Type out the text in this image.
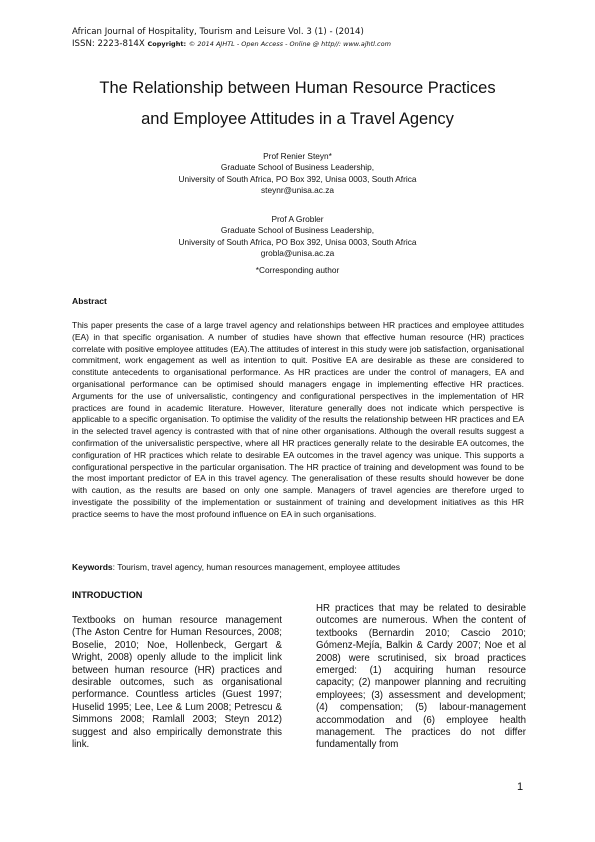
African Journal of Hospitality, Tourism and Leisure Vol. 3 (1) - (2014)
ISSN: 2223-814X Copyright: © 2014 AJHTL - Open Access - Online @ http//: www.ajhtl.com
The Relationship between Human Resource Practices
and Employee Attitudes in a Travel Agency
Prof Renier Steyn*
Graduate School of Business Leadership,
University of South Africa, PO Box 392, Unisa 0003, South Africa
steynr@unisa.ac.za
Prof A Grobler
Graduate School of Business Leadership,
University of South Africa, PO Box 392, Unisa 0003, South Africa
grobla@unisa.ac.za
*Corresponding author
Abstract
This paper presents the case of a large travel agency and relationships between HR practices and employee attitudes (EA) in that specific organisation. A number of studies have shown that effective human resource (HR) practices correlate with positive employee attitudes (EA).The attitudes of interest in this study were job satisfaction, organisational commitment, work engagement as well as intention to quit. Positive EA are desirable as these are considered to constitute antecedents to organisational performance. As HR practices are under the control of managers, EA and organisational performance can be optimised should managers engage in implementing effective HR practices. Arguments for the use of universalistic, contingency and configurational perspectives in the implementation of HR practices are found in academic literature. However, literature generally does not indicate which perspective is applicable to a specific organisation. To optimise the validity of the results the relationship between HR practices and EA in the selected travel agency is contrasted with that of nine other organisations. Although the overall results suggest a confirmation of the universalistic perspective, where all HR practices generally relate to the desirable EA outcomes, the configuration of HR practices which relate to desirable EA outcomes in the travel agency was unique. This supports a configurational perspective in the particular organisation. The HR practice of training and development was found to be the most important predictor of EA in this travel agency. The generalisation of these results should however be done with caution, as the results are based on only one sample. Managers of travel agencies are therefore urged to investigate the possibility of the implementation or sustainment of training and development initiatives as this HR practice seems to have the most profound influence on EA in such organisations.
Keywords: Tourism, travel agency, human resources management, employee attitudes
INTRODUCTION
Textbooks on human resource management (The Aston Centre for Human Resources, 2008; Boselie, 2010; Noe, Hollenbeck, Gergart & Wright, 2008) openly allude to the implicit link between human resource (HR) practices and desirable outcomes, such as organisational performance. Countless articles (Guest 1997; Huselid 1995; Lee, Lee & Lum 2008; Petrescu & Simmons 2008; Ramlall 2003; Steyn 2012) suggest and also empirically demonstrate this link.
HR practices that may be related to desirable outcomes are numerous. When the content of textbooks (Bernardin 2010; Cascio 2010; Gómenz-Mejía, Balkin & Cardy 2007; Noe et al 2008) were scrutinised, six broad practices emerged: (1) acquiring human resource capacity; (2) manpower planning and recruiting employees; (3) assessment and development; (4) compensation; (5) labour-management accommodation and (6) employee health management. The practices do not differ fundamentally from
1
